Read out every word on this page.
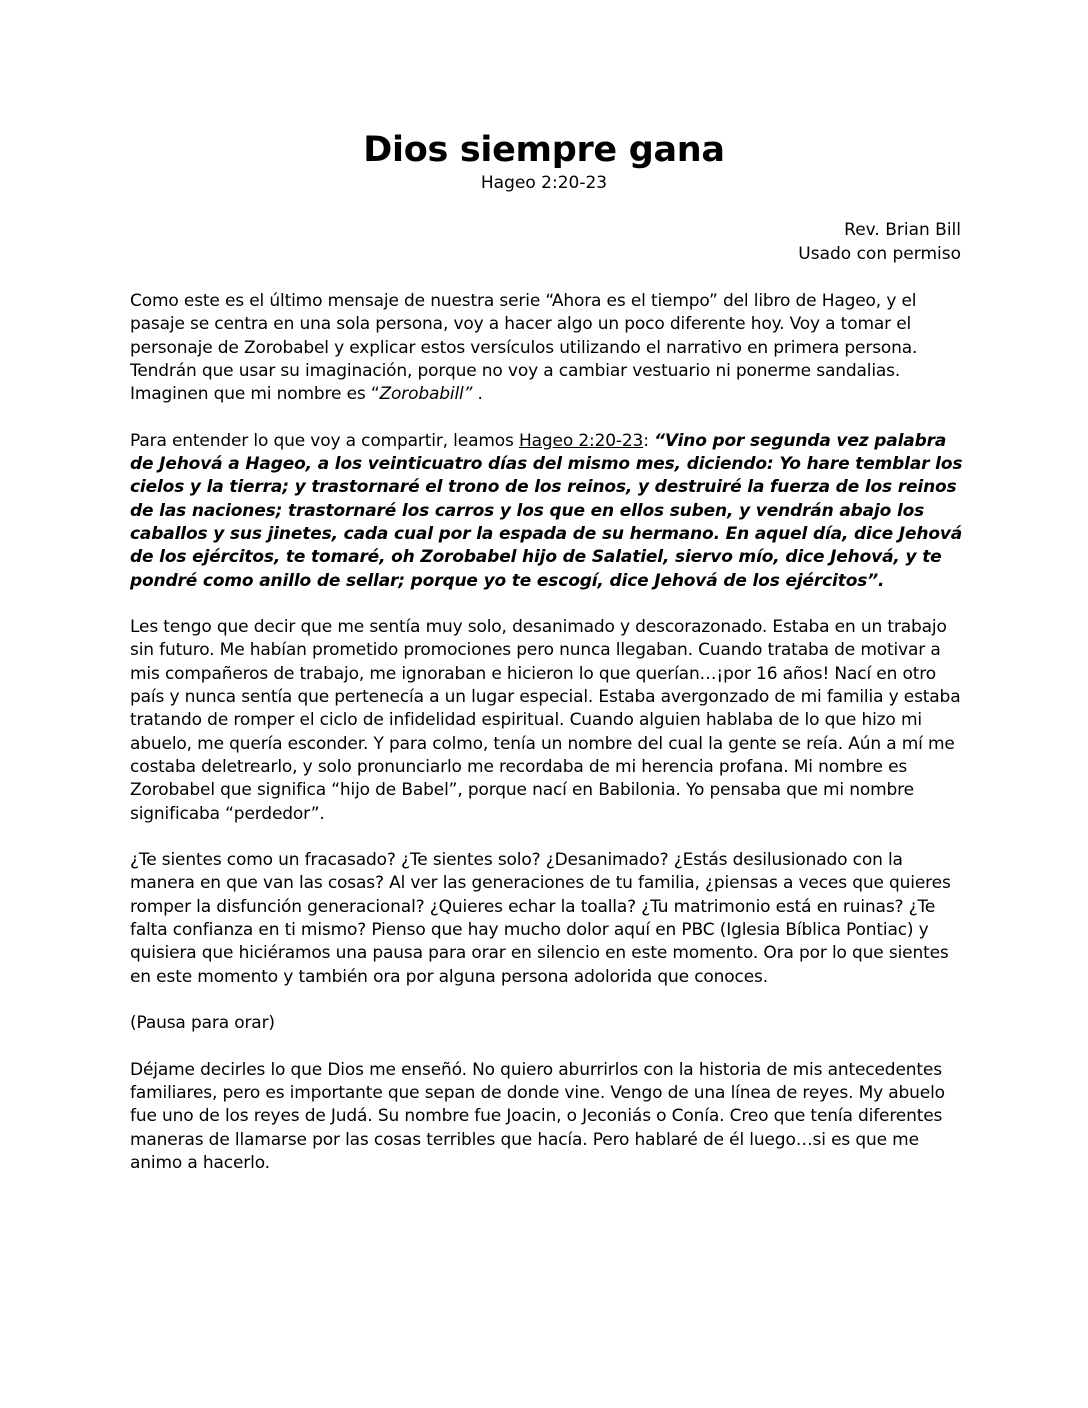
Dios siempre gana
Hageo 2:20-23
Rev. Brian Bill
Usado con permiso

Como este es el último mensaje de nuestra serie “Ahora es el tiempo” del libro de Hageo, y el pasaje se centra en una sola persona, voy a hacer algo un poco diferente hoy. Voy a tomar el personaje de Zorobabel y explicar estos versículos utilizando el narrativo en primera persona. Tendrán que usar su imaginación, porque no voy a cambiar vestuario ni ponerme sandalias. Imaginen que mi nombre es “Zorobabill” .

Para entender lo que voy a compartir, leamos Hageo 2:20-23: “Vino por segunda vez palabra de Jehová a Hageo, a los veinticuatro días del mismo mes, diciendo: Yo hare temblar los cielos y la tierra; y trastornaré el trono de los reinos, y destruiré la fuerza de los reinos de las naciones; trastornaré los carros y los que en ellos suben, y vendrán abajo los caballos y sus jinetes, cada cual por la espada de su hermano. En aquel día, dice Jehová de los ejércitos, te tomaré, oh Zorobabel hijo de Salatiel, siervo mío, dice Jehová, y te pondré como anillo de sellar; porque yo te escogí, dice Jehová de los ejércitos”.

Les tengo que decir que me sentía muy solo, desanimado y descorazonado. Estaba en un trabajo sin futuro. Me habían prometido promociones pero nunca llegaban. Cuando trataba de motivar a mis compañeros de trabajo, me ignoraban e hicieron lo que querían…¡por 16 años! Nací en otro país y nunca sentía que pertenecía a un lugar especial. Estaba avergonzado de mi familia y estaba tratando de romper el ciclo de infidelidad espiritual. Cuando alguien hablaba de lo que hizo mi abuelo, me quería esconder. Y para colmo, tenía un nombre del cual la gente se reía. Aún a mí me costaba deletrearlo, y solo pronunciarlo me recordaba de mi herencia profana. Mi nombre es Zorobabel que significa “hijo de Babel”, porque nací en Babilonia. Yo pensaba que mi nombre significaba “perdedor”.

¿Te sientes como un fracasado? ¿Te sientes solo? ¿Desanimado? ¿Estás desilusionado con la manera en que van las cosas? Al ver las generaciones de tu familia, ¿piensas a veces que quieres romper la disfunción generacional? ¿Quieres echar la toalla? ¿Tu matrimonio está en ruinas? ¿Te falta confianza en ti mismo? Pienso que hay mucho dolor aquí en PBC (Iglesia Bíblica Pontiac) y quisiera que hiciéramos una pausa para orar en silencio en este momento. Ora por lo que sientes en este momento y también ora por alguna persona adolorida que conoces.

(Pausa para orar)

Déjame decirles lo que Dios me enseñó. No quiero aburrirlos con la historia de mis antecedentes familiares, pero es importante que sepan de donde vine. Vengo de una línea de reyes. My abuelo fue uno de los reyes de Judá. Su nombre fue Joacin, o Jeconiás o Conía. Creo que tenía diferentes maneras de llamarse por las cosas terribles que hacía. Pero hablaré de él luego…si es que me animo a hacerlo.
